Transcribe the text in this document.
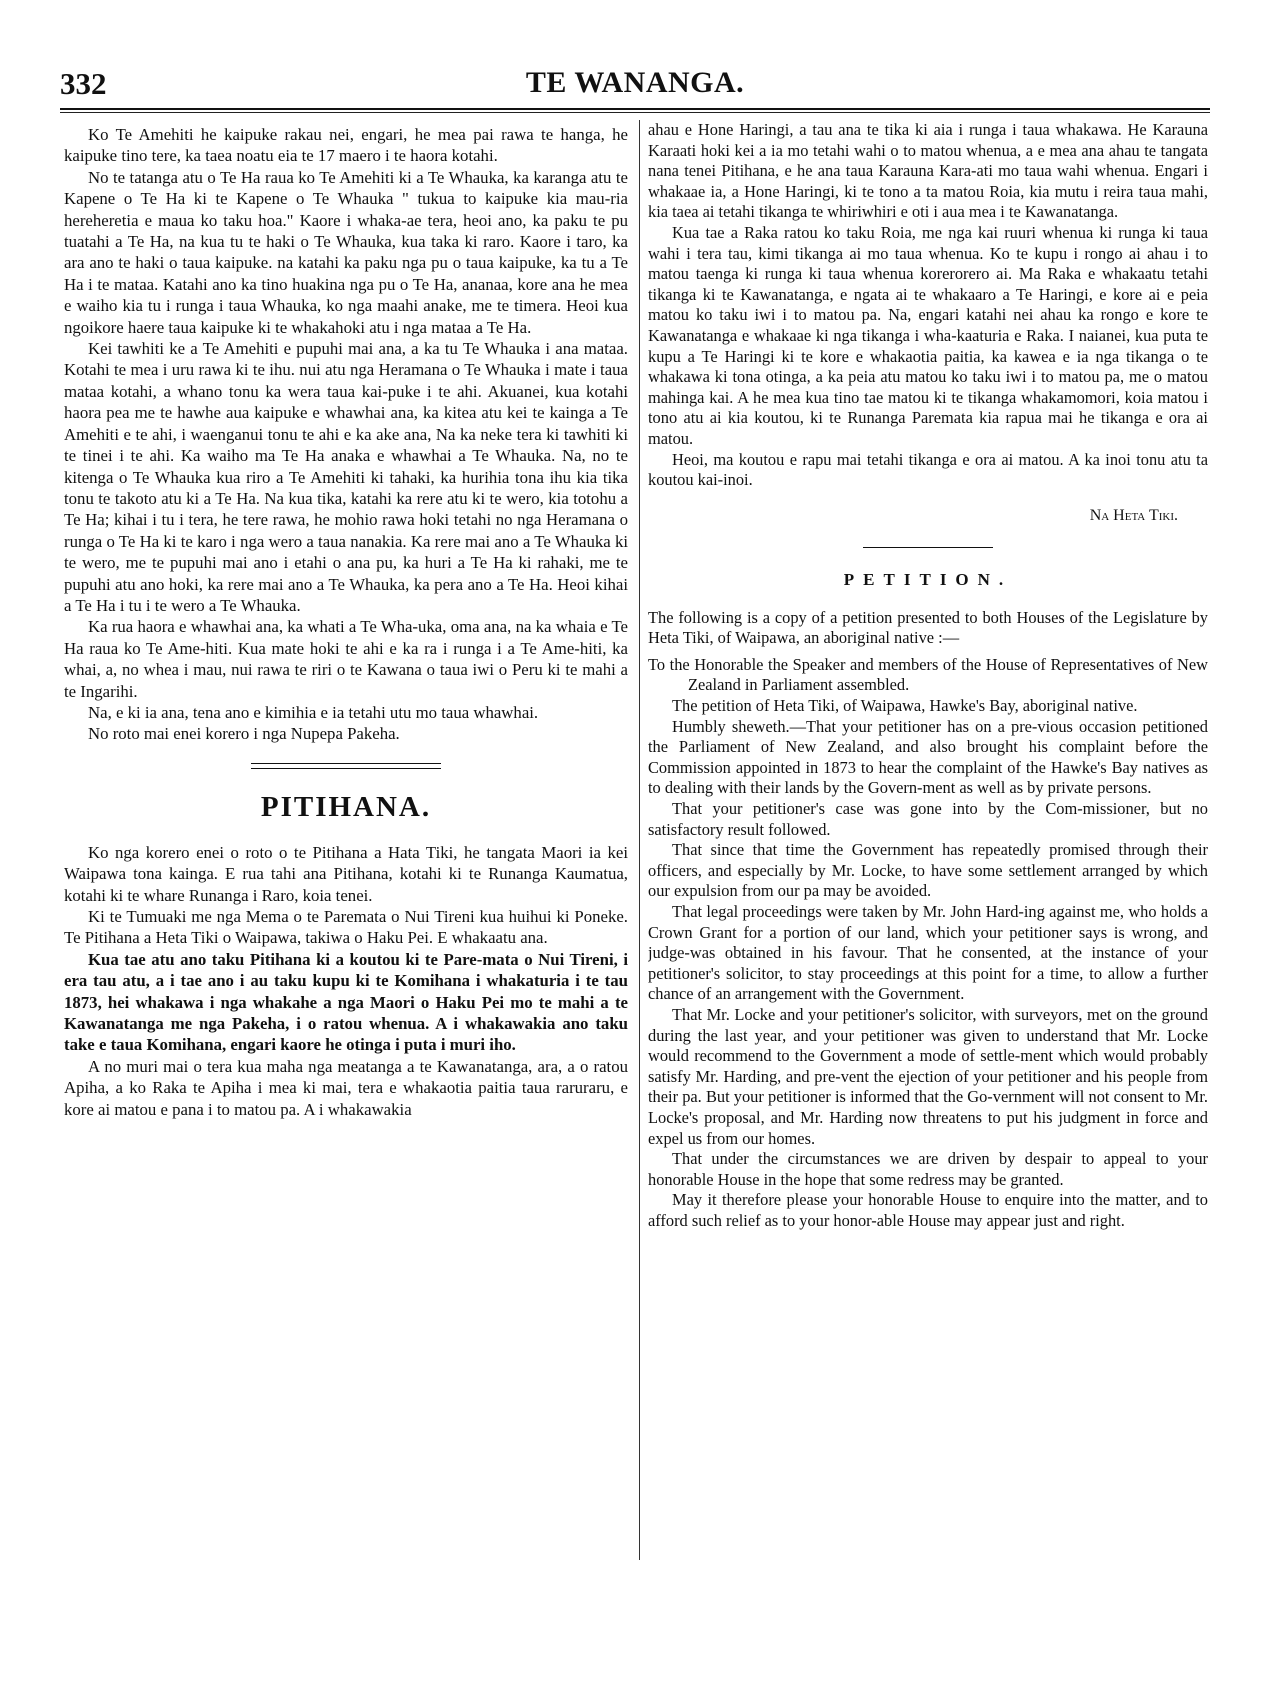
332	TE WANANGA.

Ko Te Amehiti he kaipuke rakau nei, engari, he mea pai rawa te hanga, he kaipuke tino tere, ka taea noatu eia te 17 maero i te haora kotahi.

No te tatanga atu o Te Ha raua ko Te Amehiti ki a Te Whauka, ka karanga atu te Kapene o Te Ha ki te Kapene o Te Whauka " tukua to kaipuke kia mau-ria hereheretia e maua ko taku hoa." Kaore i whaka-ae tera, heoi ano, ka paku te pu tuatahi a Te Ha, na kua tu te haki o Te Whauka, kua taka ki raro. Kaore i taro, ka ara ano te haki o taua kaipuke. na katahi ka paku nga pu o taua kaipuke, ka tu a Te Ha i te mataa. Katahi ano ka tino huakina nga pu o Te Ha, ananaa, kore ana he mea e waiho kia tu i runga i taua Whauka, ko nga maahi anake, me te timera. Heoi kua ngoikore haere taua kaipuke ki te whakahoki atu i nga mataa a Te Ha.

Kei tawhiti ke a Te Amehiti e pupuhi mai ana, a ka tu Te Whauka i ana mataa. Kotahi te mea i uru rawa ki te ihu. nui atu nga Heramana o Te Whauka i mate i taua mataa kotahi, a whano tonu ka wera taua kai-puke i te ahi. Akuanei, kua kotahi haora pea me te hawhe aua kaipuke e whawhai ana, ka kitea atu kei te kainga a Te Amehiti e te ahi, i waenganui tonu te ahi e ka ake ana, Na ka neke tera ki tawhiti ki te tinei i te ahi. Ka waiho ma Te Ha anaka e whawhai a Te Whauka. Na, no te kitenga o Te Whauka kua riro a Te Amehiti ki tahaki, ka hurihia tona ihu kia tika tonu te takoto atu ki a Te Ha. Na kua tika, katahi ka rere atu ki te wero, kia totohu a Te Ha; kihai i tu i tera, he tere rawa, he mohio rawa hoki tetahi no nga Heramana o runga o Te Ha ki te karo i nga wero a taua nanakia. Ka rere mai ano a Te Whauka ki te wero, me te pupuhi mai ano i etahi o ana pu, ka huri a Te Ha ki rahaki, me te pupuhi atu ano hoki, ka rere mai ano a Te Whauka, ka pera ano a Te Ha. Heoi kihai a Te Ha i tu i te wero a Te Whauka.

Ka rua haora e whawhai ana, ka whati a Te Wha-uka, oma ana, na ka whaia e Te Ha raua ko Te Ame-hiti. Kua mate hoki te ahi e ka ra i runga i a Te Ame-hiti, ka whai, a, no whea i mau, nui rawa te riri o te Kawana o taua iwi o Peru ki te mahi a te Ingarihi.

Na, e ki ia ana, tena ano e kimihia e ia tetahi utu mo taua whawhai.

No roto mai enei korero i nga Nupepa Pakeha.

PITIHANA.

Ko nga korero enei o roto o te Pitihana a Hata Tiki, he tangata Maori ia kei Waipawa tona kainga. E rua tahi ana Pitihana, kotahi ki te Runanga Kaumatua, kotahi ki te whare Runanga i Raro, koia tenei.

Ki te Tumuaki me nga Mema o te Paremata o Nui Tireni kua huihui ki Poneke. Te Pitihana a Heta Tiki o Waipawa, takiwa o Haku Pei. E whakaatu ana.

Kua tae atu ano taku Pitihana ki a koutou ki te Pare-mata o Nui Tireni, i era tau atu, a i tae ano i au taku kupu ki te Komihana i whakaturia i te tau 1873, hei whakawa i nga whakahe a nga Maori o Haku Pei mo te mahi a te Kawanatanga me nga Pakeha, i o ratou whenua. A i whakawakia ano taku take e taua Komihana, engari kaore he otinga i puta i muri iho.

A no muri mai o tera kua maha nga meatanga a te Kawanatanga, ara, a o ratou Apiha, a ko Raka te Apiha i mea ki mai, tera e whakaotia paitia taua raruraru, e kore ai matou e pana i to matou pa. A i whakawakia

ahau e Hone Haringi, a tau ana te tika ki aia i runga i taua whakawa. He Karauna Karaati hoki kei a ia mo tetahi wahi o to matou whenua, a e mea ana ahau te tangata nana tenei Pitihana, e he ana taua Karauna Kara-ati mo taua wahi whenua. Engari i whakaae ia, a Hone Haringi, ki te tono a ta matou Roia, kia mutu i reira taua mahi, kia taea ai tetahi tikanga te whiriwhiri e oti i aua mea i te Kawanatanga.

Kua tae a Raka ratou ko taku Roia, me nga kai ruuri whenua ki runga ki taua wahi i tera tau, kimi tikanga ai mo taua whenua. Ko te kupu i rongo ai ahau i to matou taenga ki runga ki taua whenua korerorero ai. Ma Raka e whakaatu tetahi tikanga ki te Kawanatanga, e ngata ai te whakaaro a Te Haringi, e kore ai e peia matou ko taku iwi i to matou pa. Na, engari katahi nei ahau ka rongo e kore te Kawanatanga e whakaae ki nga tikanga i wha-kaaturia e Raka. I naianei, kua puta te kupu a Te Haringi ki te kore e whakaotia paitia, ka kawea e ia nga tikanga o te whakawa ki tona otinga, a ka peia atu matou ko taku iwi i to matou pa, me o matou mahinga kai. A he mea kua tino tae matou ki te tikanga whakamomori, koia matou i tono atu ai kia koutou, ki te Runanga Paremata kia rapua mai he tikanga e ora ai matou.

Heoi, ma koutou e rapu mai tetahi tikanga e ora ai matou. A ka inoi tonu atu ta koutou kai-inoi.

Na Heta Tiki.
PETITION.

The following is a copy of a petition presented to both Houses of the Legislature by Heta Tiki, of Waipawa, an aboriginal native :—

To the Honorable the Speaker and members of the House of Representatives of New Zealand in Parliament assembled.

The petition of Heta Tiki, of Waipawa, Hawke's Bay, aboriginal native.

Humbly sheweth.—That your petitioner has on a pre-vious occasion petitioned the Parliament of New Zealand, and also brought his complaint before the Commission appointed in 1873 to hear the complaint of the Hawke's Bay natives as to dealing with their lands by the Govern-ment as well as by private persons.

That your petitioner's case was gone into by the Com-missioner, but no satisfactory result followed.

That since that time the Government has repeatedly promised through their officers, and especially by Mr. Locke, to have some settlement arranged by which our expulsion from our pa may be avoided.

That legal proceedings were taken by Mr. John Hard-ing against me, who holds a Crown Grant for a portion of our land, which your petitioner says is wrong, and judge-was obtained in his favour. That he consented, at the instance of your petitioner's solicitor, to stay proceedings at this point for a time, to allow a further chance of an arrangement with the Government.

That Mr. Locke and your petitioner's solicitor, with surveyors, met on the ground during the last year, and your petitioner was given to understand that Mr. Locke would recommend to the Government a mode of settle-ment which would probably satisfy Mr. Harding, and pre-vent the ejection of your petitioner and his people from their pa. But your petitioner is informed that the Go-vernment will not consent to Mr. Locke's proposal, and Mr. Harding now threatens to put his judgment in force and expel us from our homes.

That under the circumstances we are driven by despair to appeal to your honorable House in the hope that some redress may be granted.

May it therefore please your honorable House to enquire into the matter, and to afford such relief as to your honor-able House may appear just and right.
